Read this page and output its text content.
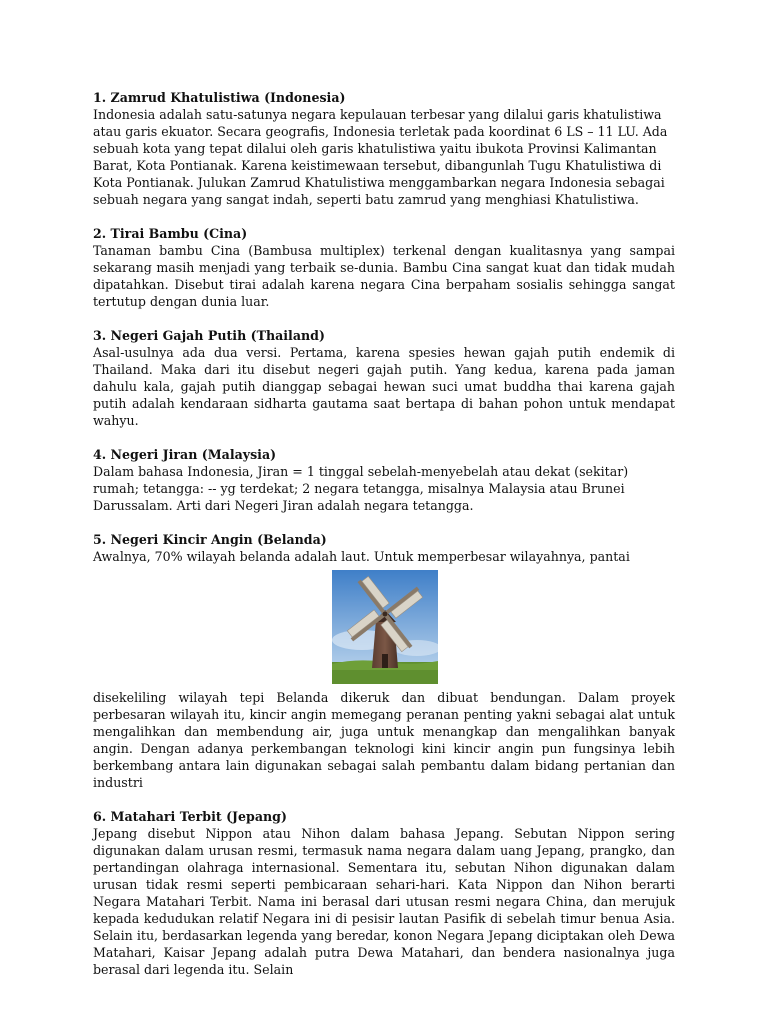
1. Zamrud Khatulistiwa (Indonesia)

Indonesia adalah satu-satunya negara kepulauan terbesar yang dilalui garis khatulistiwa atau garis ekuator. Secara geografis, Indonesia terletak pada koordinat 6 LS – 11 LU. Ada sebuah kota yang tepat dilalui oleh garis khatulistiwa yaitu ibukota Provinsi Kalimantan Barat, Kota Pontianak. Karena keistimewaan tersebut, dibangunlah Tugu Khatulistiwa di Kota Pontianak. Julukan Zamrud Khatulistiwa menggambarkan negara Indonesia sebagai sebuah negara yang sangat indah, seperti batu zamrud yang menghiasi Khatulistiwa.

2. Tirai Bambu (Cina)

Tanaman bambu Cina (Bambusa multiplex) terkenal dengan kualitasnya yang sampai sekarang masih menjadi yang terbaik se-dunia. Bambu Cina sangat kuat dan tidak mudah dipatahkan. Disebut tirai adalah karena negara Cina berpaham sosialis sehingga sangat tertutup dengan dunia luar.

3. Negeri Gajah Putih (Thailand)

Asal-usulnya ada dua versi. Pertama, karena spesies hewan gajah putih endemik di Thailand. Maka dari itu disebut negeri gajah putih. Yang kedua, karena pada jaman dahulu kala, gajah putih dianggap sebagai hewan suci umat buddha thai karena gajah putih adalah kendaraan sidharta gautama saat bertapa di bahan pohon untuk mendapat wahyu.

4. Negeri Jiran (Malaysia)

Dalam bahasa Indonesia, Jiran = 1 tinggal sebelah-menyebelah atau dekat (sekitar) rumah; tetangga: -- yg terdekat; 2 negara tetangga, misalnya Malaysia atau Brunei Darussalam. Arti dari Negeri Jiran adalah negara tetangga.

5. Negeri Kincir Angin (Belanda)

Awalnya, 70% wilayah belanda adalah laut. Untuk memperbesar wilayahnya, pantai

disekeliling wilayah tepi Belanda dikeruk dan dibuat bendungan. Dalam proyek perbesaran wilayah itu, kincir angin memegang peranan penting yakni sebagai alat untuk mengalihkan dan membendung air, juga untuk menangkap dan mengalihkan banyak angin. Dengan adanya perkembangan teknologi kini kincir angin pun fungsinya lebih berkembang antara lain digunakan sebagai salah pembantu dalam bidang pertanian dan industri

6. Matahari Terbit (Jepang)

Jepang disebut Nippon atau Nihon dalam bahasa Jepang. Sebutan Nippon sering digunakan dalam urusan resmi, termasuk nama negara dalam uang Jepang, prangko, dan pertandingan olahraga internasional. Sementara itu, sebutan Nihon digunakan dalam urusan tidak resmi seperti pembicaraan sehari-hari. Kata Nippon dan Nihon berarti Negara Matahari Terbit. Nama ini berasal dari utusan resmi negara China, dan merujuk kepada kedudukan relatif Negara ini di pesisir lautan Pasifik di sebelah timur benua Asia. Selain itu, berdasarkan legenda yang beredar, konon Negara Jepang diciptakan oleh Dewa Matahari, Kaisar Jepang adalah putra Dewa Matahari, dan bendera nasionalnya juga berasal dari legenda itu. Selain
